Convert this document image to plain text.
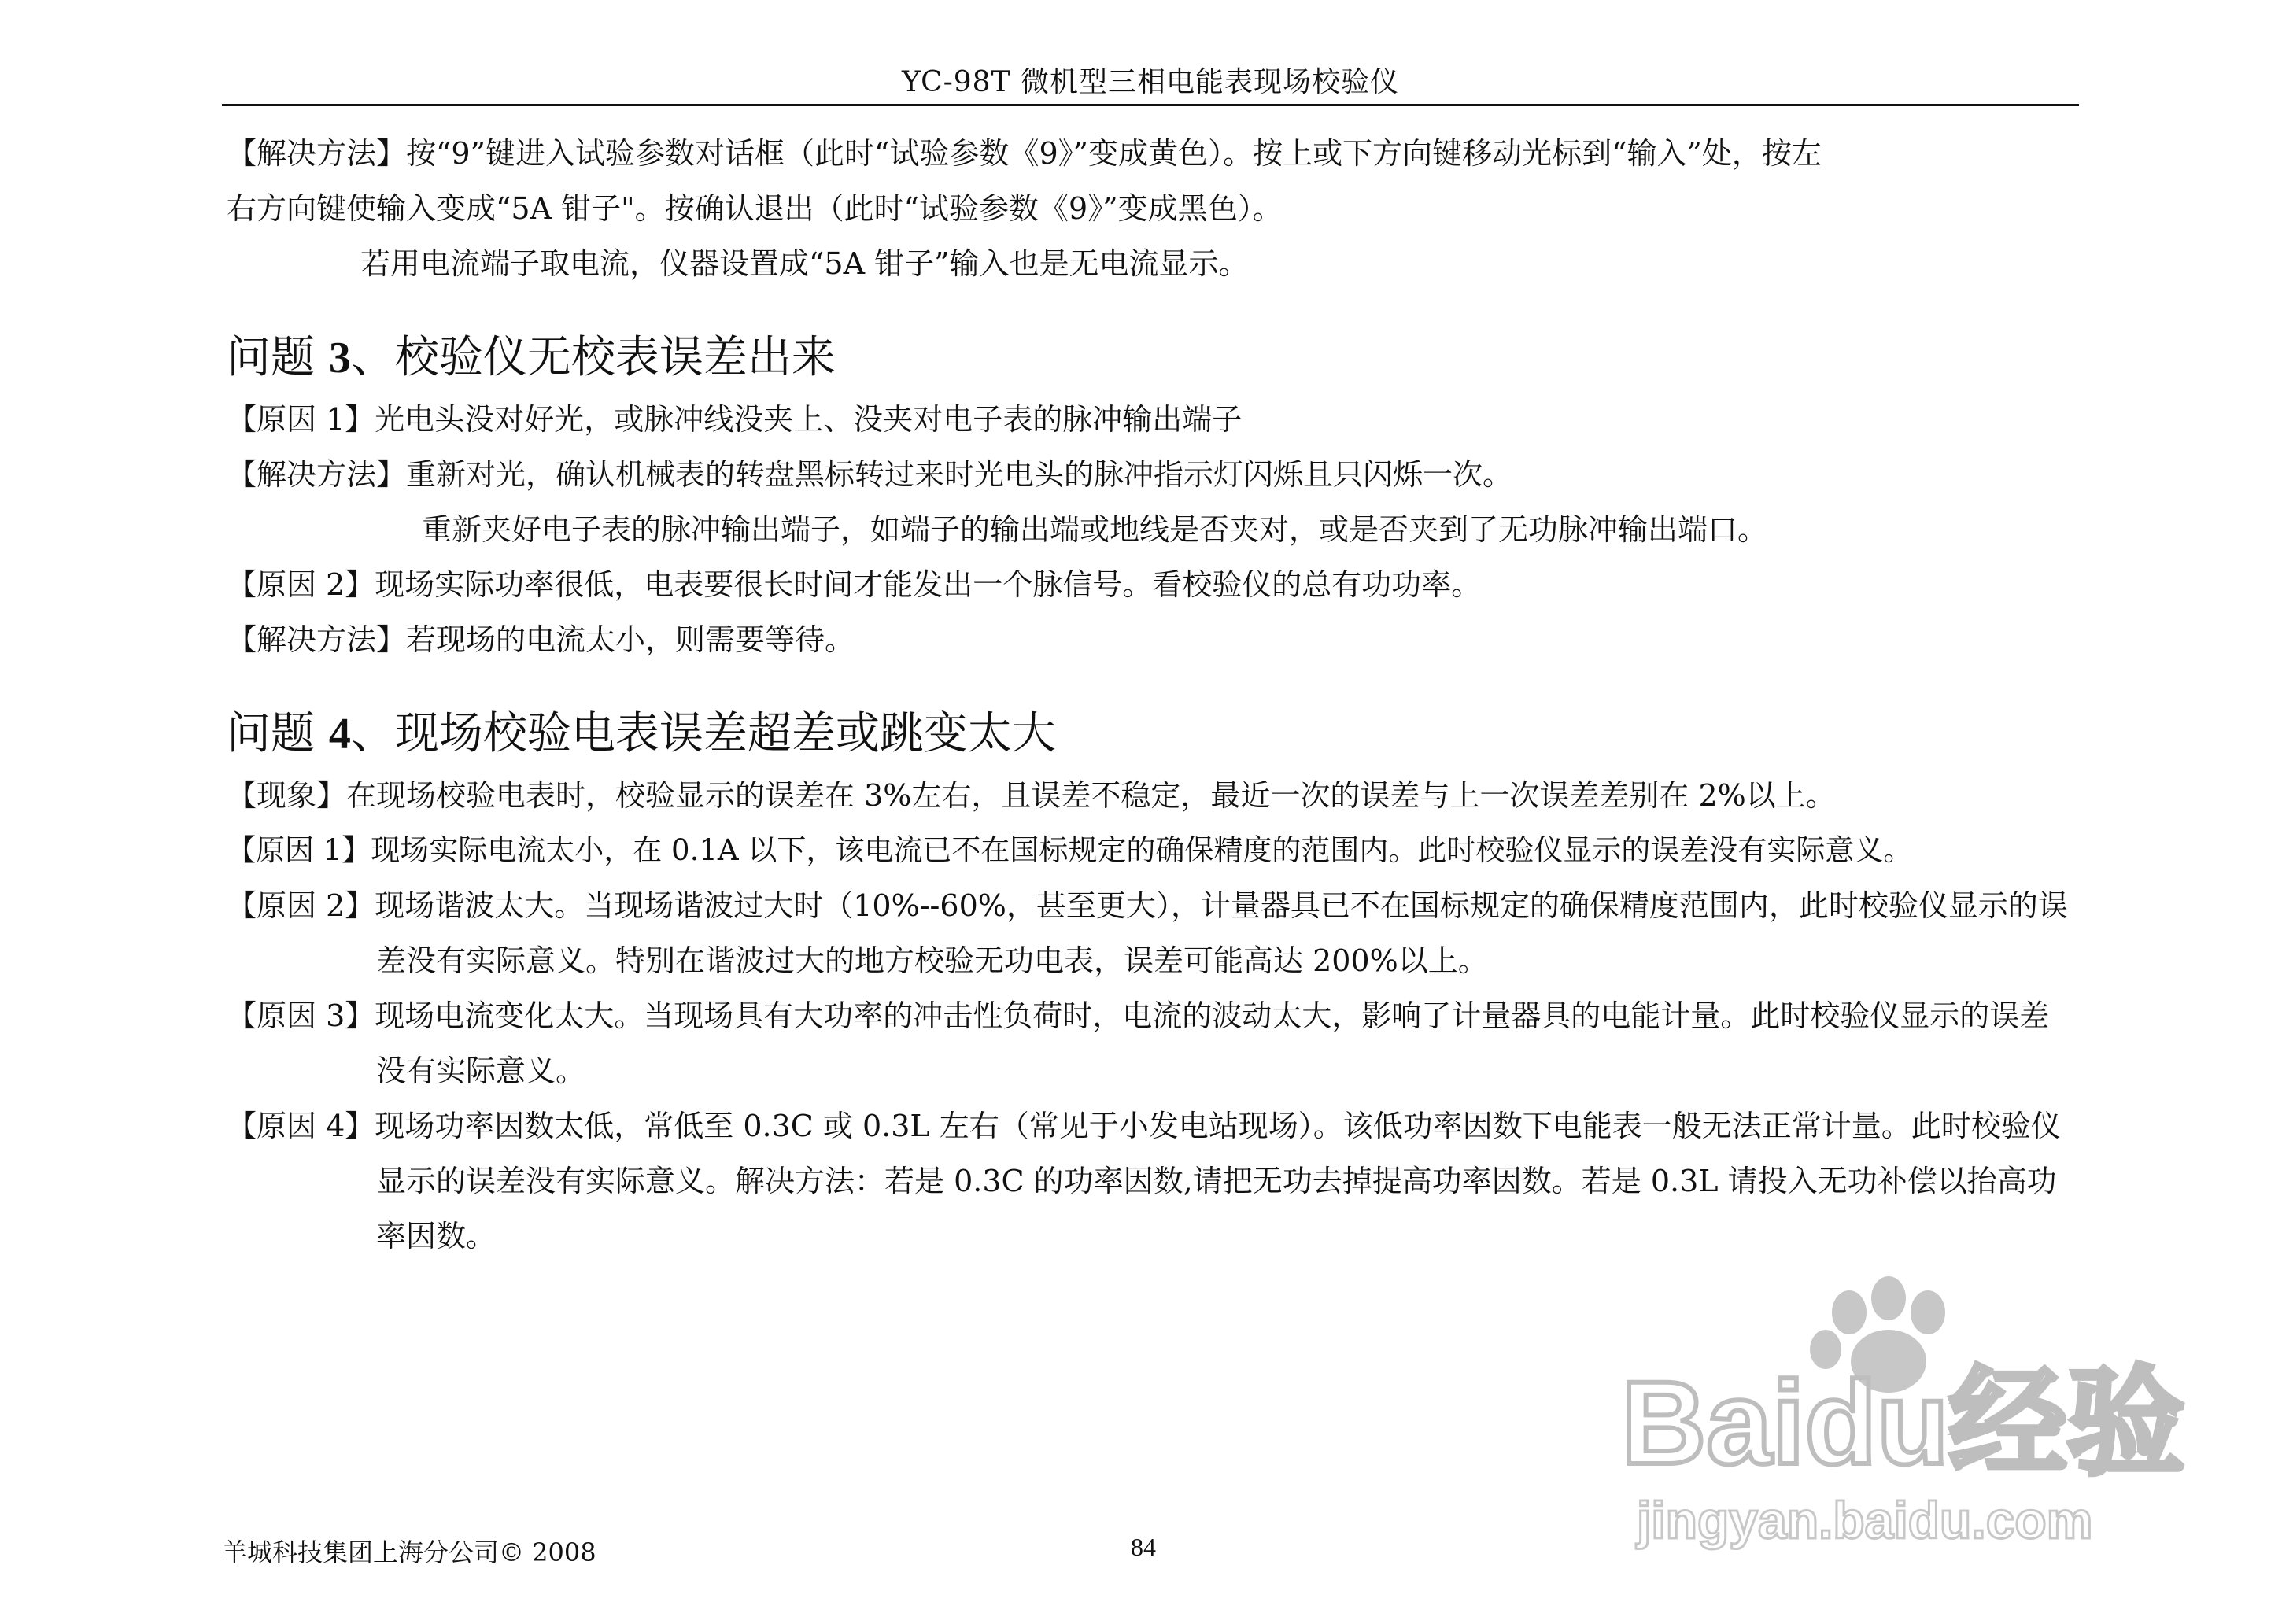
YC-98T 微机型三相电能表现场校验仪
【解决方法】按“9”键进入试验参数对话框（此时“试验参数《9》”变成黄色）。按上或下方向键移动光标到“输入”处，按左
右方向键使输入变成“5A 钳子"。按确认退出（此时“试验参数《9》”变成黑色）。
若用电流端子取电流，仪器设置成“5A 钳子”输入也是无电流显示。
问题 3、校验仪无校表误差出来
【原因 1】光电头没对好光，或脉冲线没夹上、没夹对电子表的脉冲输出端子
【解决方法】重新对光，确认机械表的转盘黑标转过来时光电头的脉冲指示灯闪烁且只闪烁一次。
重新夹好电子表的脉冲输出端子，如端子的输出端或地线是否夹对，或是否夹到了无功脉冲输出端口。
【原因 2】现场实际功率很低，电表要很长时间才能发出一个脉信号。看校验仪的总有功功率。
【解决方法】若现场的电流太小，则需要等待。
问题 4、现场校验电表误差超差或跳变太大
【现象】在现场校验电表时，校验显示的误差在 3%左右，且误差不稳定，最近一次的误差与上一次误差差别在 2%以上。
【原因 1】现场实际电流太小，在 0.1A 以下，该电流已不在国标规定的确保精度的范围内。此时校验仪显示的误差没有实际意义。
【原因 2】现场谐波太大。当现场谐波过大时（10%--60%，甚至更大），计量器具已不在国标规定的确保精度范围内，此时校验仪显示的误差没有实际意义。特别在谐波过大的地方校验无功电表，误差可能高达 200%以上。
【原因 3】现场电流变化太大。当现场具有大功率的冲击性负荷时，电流的波动太大，影响了计量器具的电能计量。此时校验仪显示的误差没有实际意义。
【原因 4】现场功率因数太低，常低至 0.3C 或 0.3L 左右（常见于小发电站现场）。该低功率因数下电能表一般无法正常计量。此时校验仪显示的误差没有实际意义。解决方法：若是 0.3C 的功率因数,请把无功去掉提高功率因数。若是 0.3L 请投入无功补偿以抬高功率因数。
Baidu经验
jingyan.baidu.com
羊城科技集团上海分公司© 2008	84
